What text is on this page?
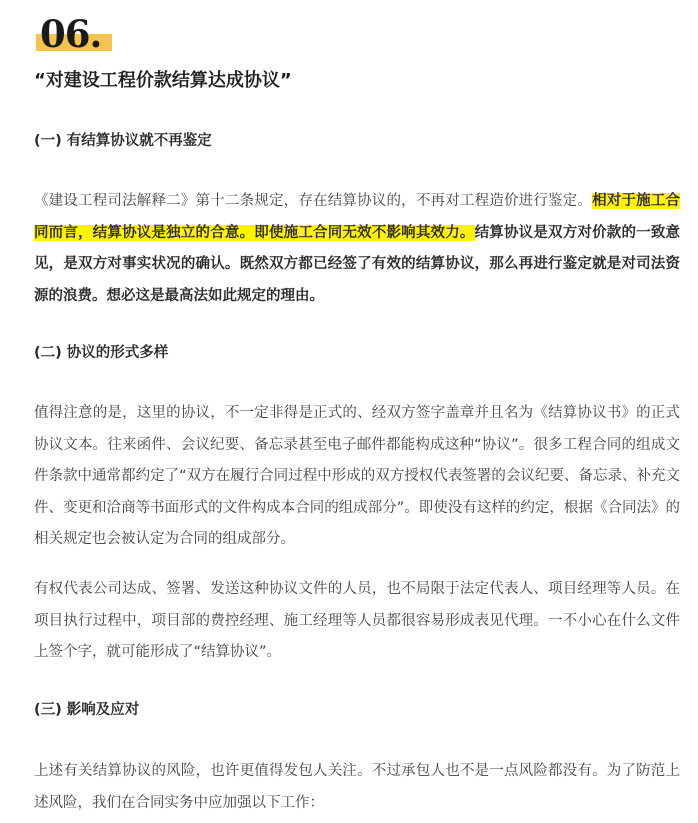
06.
“对建设工程价款结算达成协议”
(一) 有结算协议就不再鉴定
《建设工程司法解释二》第十二条规定，存在结算协议的，不再对工程造价进行鉴定。相对于施工合同而言，结算协议是独立的合意。即使施工合同无效不影响其效力。结算协议是双方对价款的一致意见，是双方对事实状况的确认。既然双方都已经签了有效的结算协议，那么再进行鉴定就是对司法资源的浪费。想必这是最高法如此规定的理由。
(二) 协议的形式多样
值得注意的是，这里的协议，不一定非得是正式的、经双方签字盖章并且名为《结算协议书》的正式协议文本。往来函件、会议纪要、备忘录甚至电子邮件都能构成这种“协议”。很多工程合同的组成文件条款中通常都约定了“双方在履行合同过程中形成的双方授权代表签署的会议纪要、备忘录、补充文件、变更和洽商等书面形式的文件构成本合同的组成部分”。即使没有这样的约定，根据《合同法》的相关规定也会被认定为合同的组成部分。
有权代表公司达成、签署、发送这种协议文件的人员，也不局限于法定代表人、项目经理等人员。在项目执行过程中，项目部的费控经理、施工经理等人员都很容易形成表见代理。一不小心在什么文件上签个字，就可能形成了“结算协议”。
(三) 影响及应对
上述有关结算协议的风险，也许更值得发包人关注。不过承包人也不是一点风险都没有。为了防范上述风险，我们在合同实务中应加强以下工作：
